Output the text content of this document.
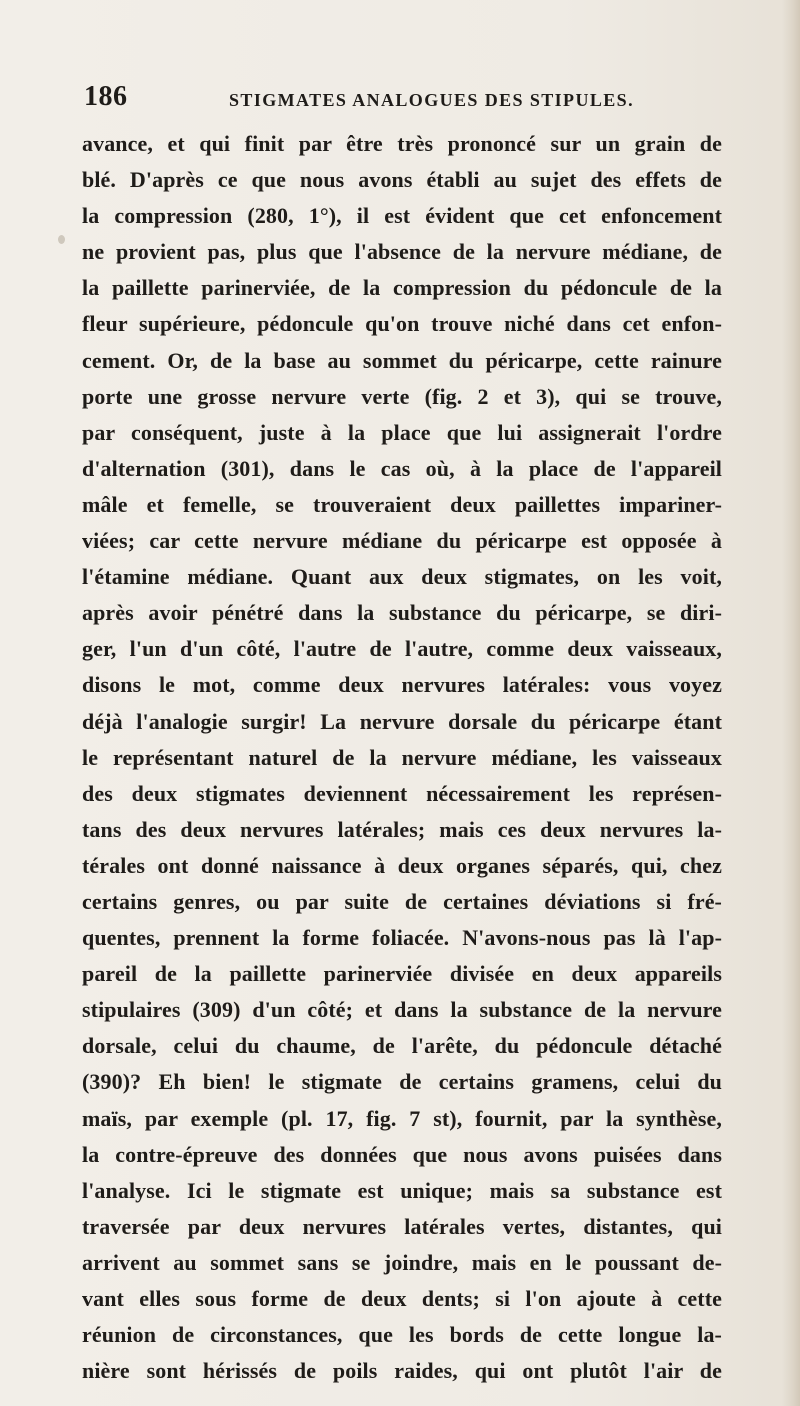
186	STIGMATES ANALOGUES DES STIPULES.
avance, et qui finit par être très prononcé sur un grain de
blé. D'après ce que nous avons établi au sujet des effets de
la compression (280, 1°), il est évident que cet enfoncement
ne provient pas, plus que l'absence de la nervure médiane, de
la paillette parinerviée, de la compression du pédoncule de la
fleur supérieure, pédoncule qu'on trouve niché dans cet enfon-
cement. Or, de la base au sommet du péricarpe, cette rainure
porte une grosse nervure verte (fig. 2 et 3), qui se trouve,
par conséquent, juste à la place que lui assignerait l'ordre
d'alternation (301), dans le cas où, à la place de l'appareil
mâle et femelle, se trouveraient deux paillettes impariner-
viées; car cette nervure médiane du péricarpe est opposée à
l'étamine médiane. Quant aux deux stigmates, on les voit,
après avoir pénétré dans la substance du péricarpe, se diri-
ger, l'un d'un côté, l'autre de l'autre, comme deux vaisseaux,
disons le mot, comme deux nervures latérales: vous voyez
déjà l'analogie surgir! La nervure dorsale du péricarpe étant
le représentant naturel de la nervure médiane, les vaisseaux
des deux stigmates deviennent nécessairement les représen-
tans des deux nervures latérales; mais ces deux nervures la-
térales ont donné naissance à deux organes séparés, qui, chez
certains genres, ou par suite de certaines déviations si fré-
quentes, prennent la forme foliacée. N'avons-nous pas là l'ap-
pareil de la paillette parinerviée divisée en deux appareils
stipulaires (309) d'un côté; et dans la substance de la nervure
dorsale, celui du chaume, de l'arête, du pédoncule détaché
(390)? Eh bien! le stigmate de certains gramens, celui du
maïs, par exemple (pl. 17, fig. 7 st), fournit, par la synthèse,
la contre-épreuve des données que nous avons puisées dans
l'analyse. Ici le stigmate est unique; mais sa substance est
traversée par deux nervures latérales vertes, distantes, qui
arrivent au sommet sans se joindre, mais en le poussant de-
vant elles sous forme de deux dents; si l'on ajoute à cette
réunion de circonstances, que les bords de cette longue la-
nière sont hérissés de poils raides, qui ont plutôt l'air de
